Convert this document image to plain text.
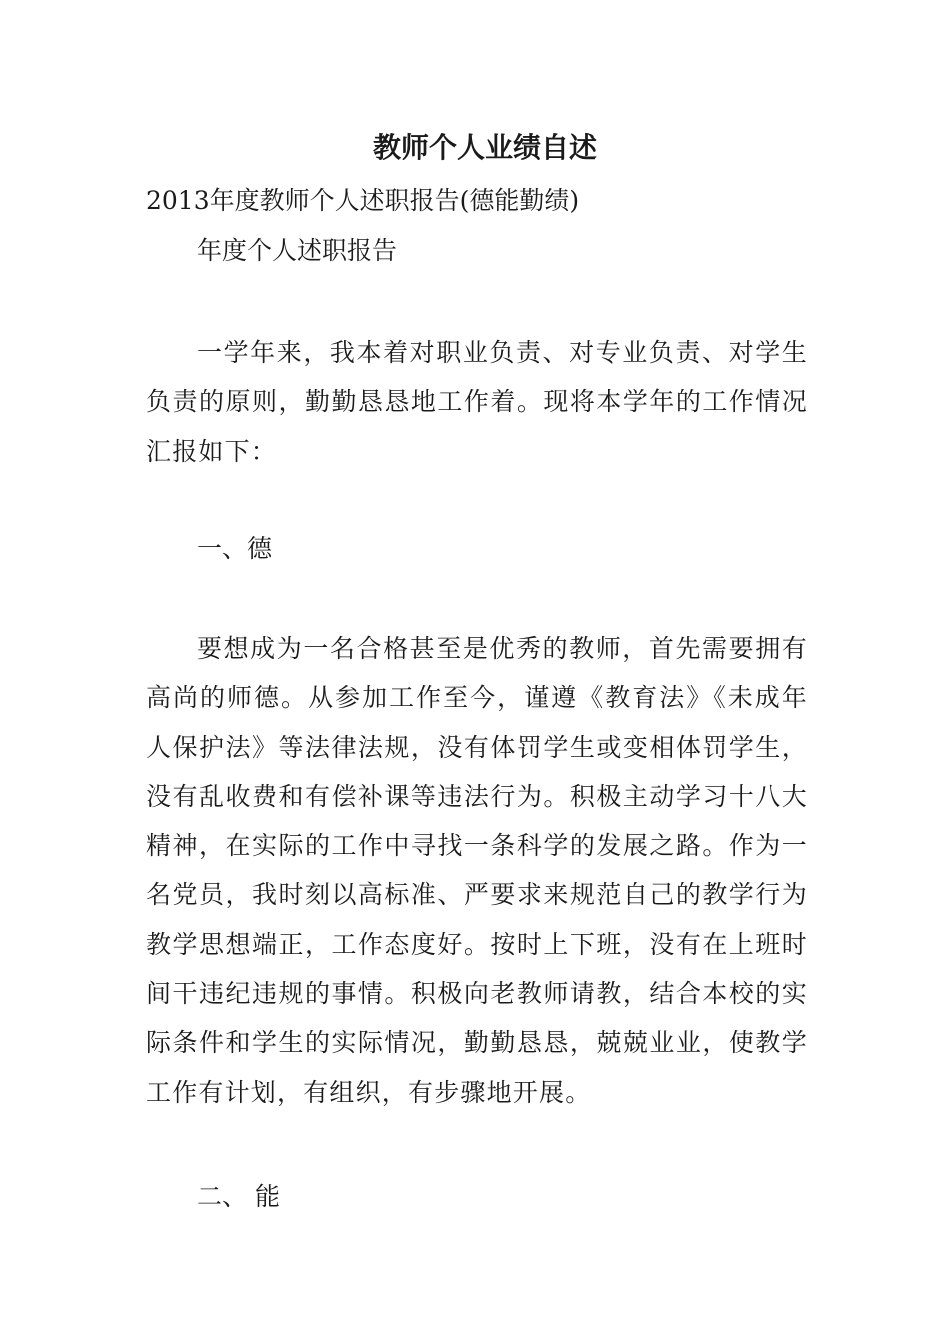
教师个人业绩自述
2013年度教师个人述职报告(德能勤绩)
年度个人述职报告
一学年来，我本着对职业负责、对专业负责、对学生负责的原则，勤勤恳恳地工作着。现将本学年的工作情况汇报如下：
一、德
要想成为一名合格甚至是优秀的教师，首先需要拥有高尚的师德。从参加工作至今，谨遵《教育法》《未成年人保护法》等法律法规，没有体罚学生或变相体罚学生，没有乱收费和有偿补课等违法行为。积极主动学习十八大精神，在实际的工作中寻找一条科学的发展之路。作为一名党员，我时刻以高标准、严要求来规范自己的教学行为教学思想端正，工作态度好。按时上下班，没有在上班时间干违纪违规的事情。积极向老教师请教，结合本校的实际条件和学生的实际情况，勤勤恳恳，兢兢业业，使教学工作有计划，有组织，有步骤地开展。
二、 能
